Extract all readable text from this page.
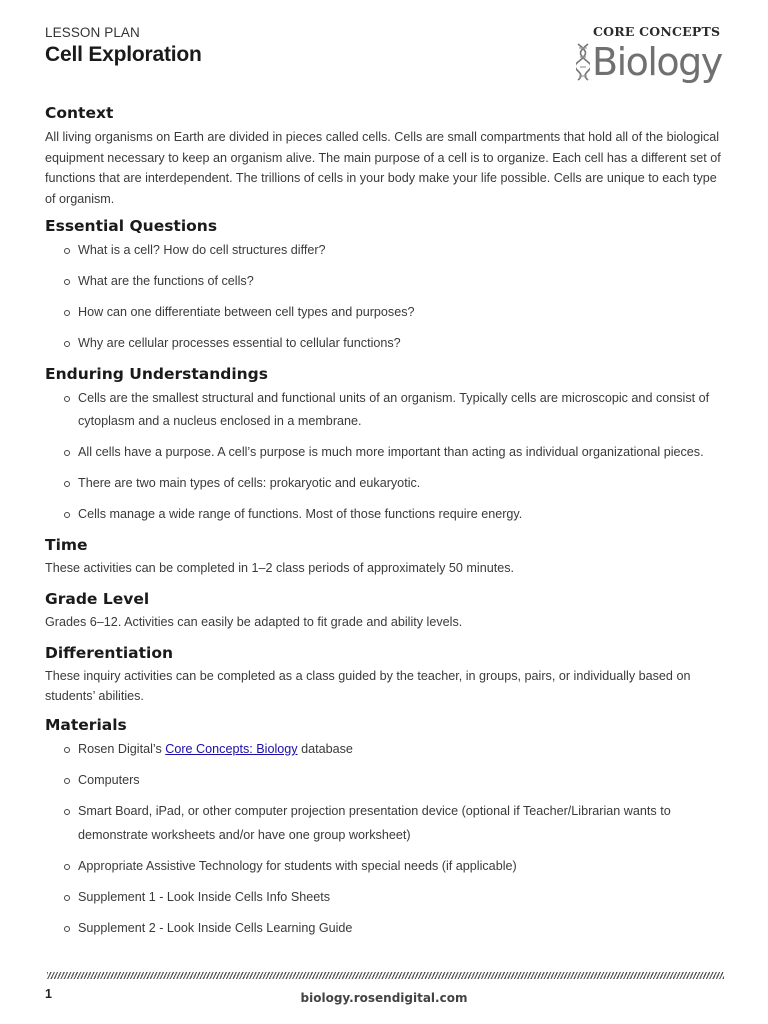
LESSON PLAN
Cell Exploration
CORE CONCEPTS
Biology
Context

All living organisms on Earth are divided in pieces called cells. Cells are small compartments that hold all of the biological equipment necessary to keep an organism alive. The main purpose of a cell is to organize. Each cell has a different set of functions that are interdependent. The trillions of cells in your body make your life possible. Cells are unique to each type of organism.

Essential Questions
What is a cell? How do cell structures differ?
What are the functions of cells?
How can one differentiate between cell types and purposes?
Why are cellular processes essential to cellular functions?
Enduring Understandings
Cells are the smallest structural and functional units of an organism. Typically cells are microscopic and consist of cytoplasm and a nucleus enclosed in a membrane.
All cells have a purpose. A cell’s purpose is much more important than acting as individual organizational pieces.
There are two main types of cells: prokaryotic and eukaryotic.
Cells manage a wide range of functions. Most of those functions require energy.
Time

These activities can be completed in 1–2 class periods of approximately 50 minutes.

Grade Level

Grades 6–12. Activities can easily be adapted to fit grade and ability levels.

Differentiation

These inquiry activities can be completed as a class guided by the teacher, in groups, pairs, or individually based on students’ abilities.

Materials
Rosen Digital’s Core Concepts: Biology database
Computers
Smart Board, iPad, or other computer projection presentation device (optional if Teacher/Librarian wants to demonstrate worksheets and/or have one group worksheet)
Appropriate Assistive Technology for students with special needs (if applicable)
Supplement 1 - Look Inside Cells Info Sheets
Supplement 2 - Look Inside Cells Learning Guide
1	biology.rosendigital.com
